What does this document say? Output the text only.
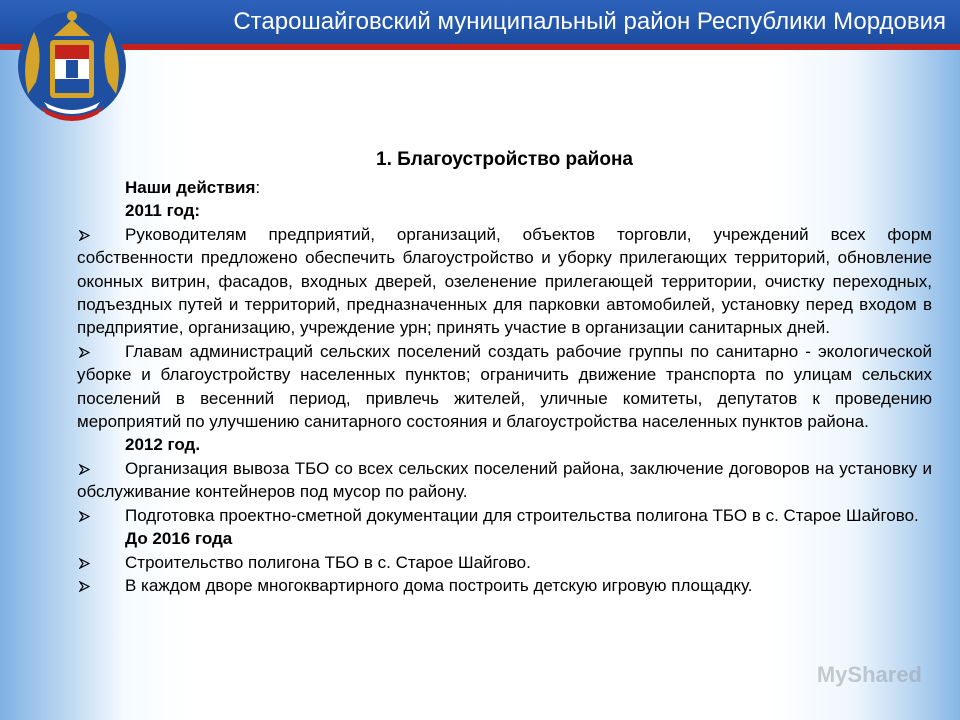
Старошайговский муниципальный район Республики Мордовия

1. Благоустройство района

Наши действия:

2011 год:

Руководителям предприятий, организаций, объектов торговли, учреждений всех форм собственности предложено обеспечить благоустройство и уборку прилегающих территорий, обновление оконных витрин, фасадов, входных дверей, озеленение прилегающей территории, очистку переходных, подъездных путей и территорий, предназначенных для парковки автомобилей, установку перед входом в предприятие, организацию, учреждение урн; принять участие в организации санитарных дней.

Главам администраций сельских поселений создать рабочие группы по санитарно - экологической уборке и благоустройству населенных пунктов; ограничить движение транспорта по улицам сельских поселений в весенний период, привлечь жителей, уличные комитеты, депутатов к проведению мероприятий по улучшению санитарного состояния и благоустройства населенных пунктов района.

2012 год.

Организация вывоза ТБО со всех сельских поселений района, заключение договоров на установку и обслуживание контейнеров под мусор по району.

Подготовка проектно-сметной документации для строительства полигона ТБО в с. Старое Шайгово.

До 2016 года

Строительство полигона ТБО в с. Старое Шайгово.

В каждом дворе многоквартирного дома построить детскую игровую площадку.

MyShared
